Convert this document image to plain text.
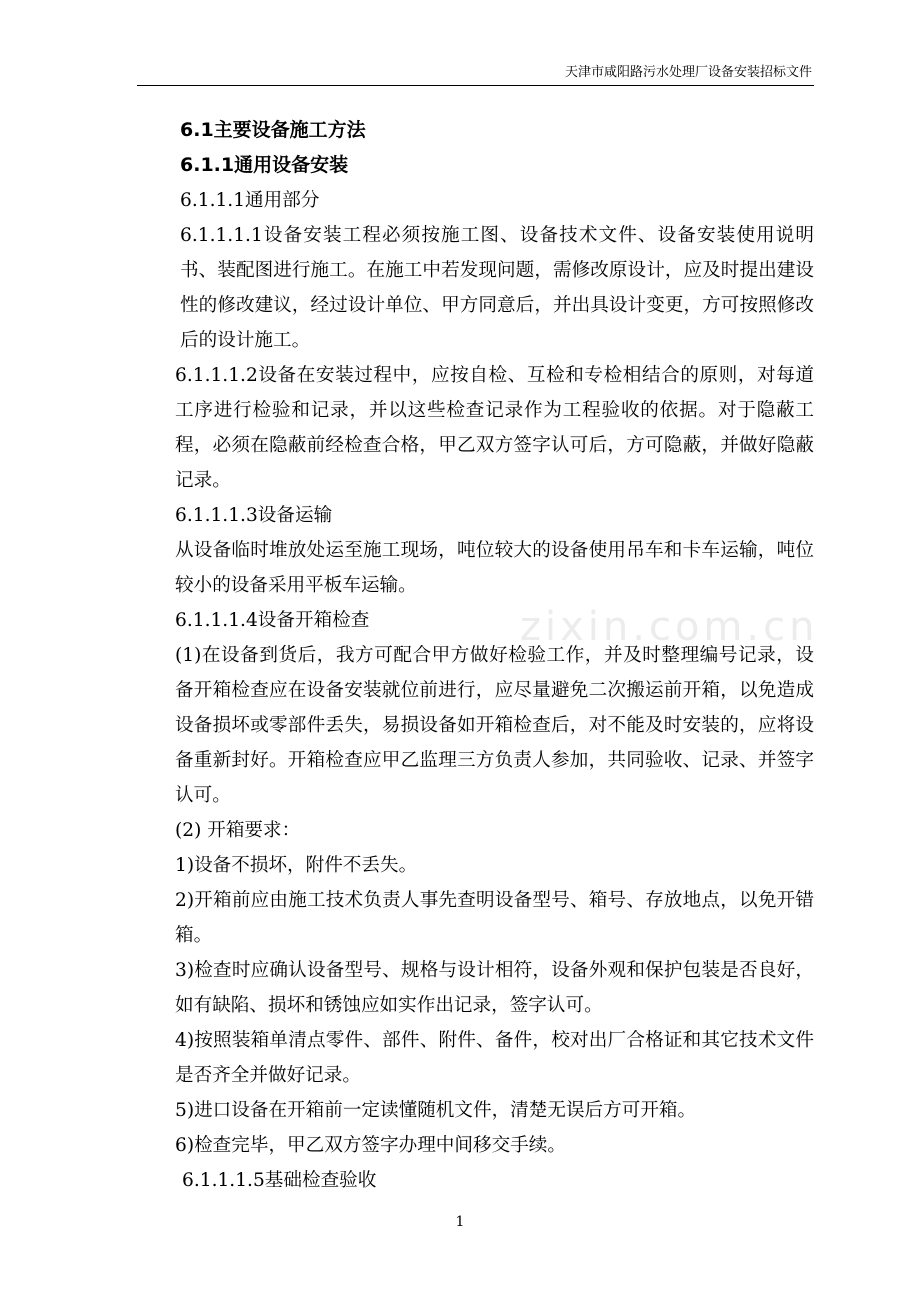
天津市咸阳路污水处理厂设备安装招标文件
zixin.com.cn

6.1主要设备施工方法

6.1.1通用设备安装

6.1.1.1通用部分

6.1.1.1.1设备安装工程必须按施工图、设备技术文件、设备安装使用说明书、装配图进行施工。在施工中若发现问题，需修改原设计，应及时提出建设性的修改建议，经过设计单位、甲方同意后，并出具设计变更，方可按照修改后的设计施工。

6.1.1.1.2设备在安装过程中，应按自检、互检和专检相结合的原则，对每道工序进行检验和记录，并以这些检查记录作为工程验收的依据。对于隐蔽工程，必须在隐蔽前经检查合格，甲乙双方签字认可后，方可隐蔽，并做好隐蔽记录。

6.1.1.1.3设备运输

从设备临时堆放处运至施工现场，吨位较大的设备使用吊车和卡车运输，吨位较小的设备采用平板车运输。

6.1.1.1.4设备开箱检查

(1)在设备到货后，我方可配合甲方做好检验工作，并及时整理编号记录，设备开箱检查应在设备安装就位前进行，应尽量避免二次搬运前开箱，以免造成设备损坏或零部件丢失，易损设备如开箱检查后，对不能及时安装的，应将设备重新封好。开箱检查应甲乙监理三方负责人参加，共同验收、记录、并签字认可。

(2) 开箱要求：

1)设备不损坏，附件不丢失。

2)开箱前应由施工技术负责人事先查明设备型号、箱号、存放地点，以免开错箱。

3)检查时应确认设备型号、规格与设计相符，设备外观和保护包装是否良好，如有缺陷、损坏和锈蚀应如实作出记录，签字认可。

4)按照装箱单清点零件、部件、附件、备件，校对出厂合格证和其它技术文件是否齐全并做好记录。

5)进口设备在开箱前一定读懂随机文件，清楚无误后方可开箱。

6)检查完毕，甲乙双方签字办理中间移交手续。

6.1.1.1.5基础检查验收

1
